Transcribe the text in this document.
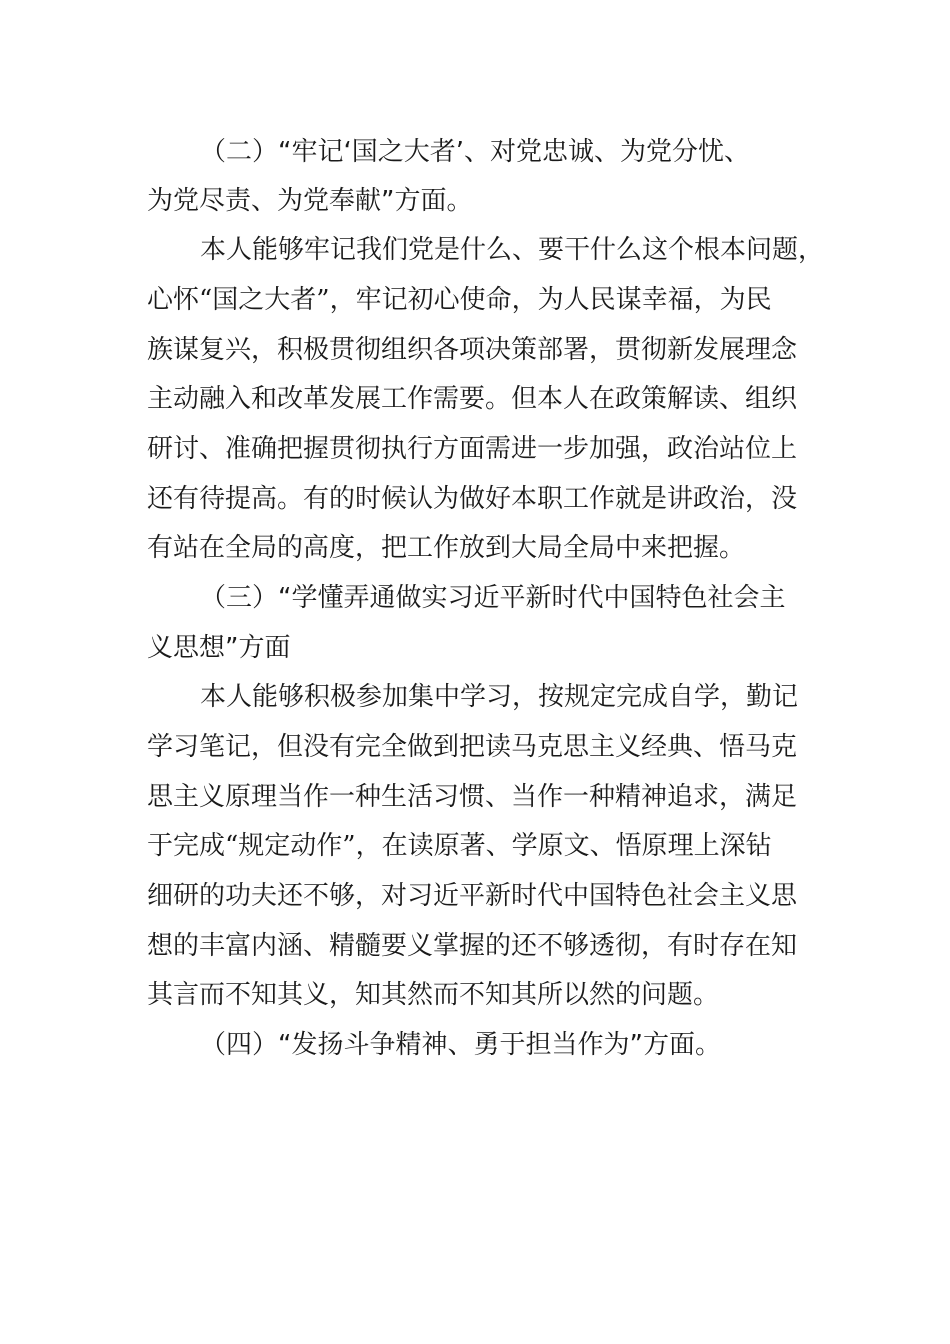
（二）“牢记‘国之大者’、对党忠诚、为党分忧、
为党尽责、为党奉献”方面。
本人能够牢记我们党是什么、要干什么这个根本问题，
心怀“国之大者”，牢记初心使命，为人民谋幸福，为民
族谋复兴，积极贯彻组织各项决策部署，贯彻新发展理念
主动融入和改革发展工作需要。但本人在政策解读、组织
研讨、准确把握贯彻执行方面需进一步加强，政治站位上
还有待提高。有的时候认为做好本职工作就是讲政治，没
有站在全局的高度，把工作放到大局全局中来把握。
（三）“学懂弄通做实习近平新时代中国特色社会主
义思想”方面
本人能够积极参加集中学习，按规定完成自学，勤记
学习笔记，但没有完全做到把读马克思主义经典、悟马克
思主义原理当作一种生活习惯、当作一种精神追求，满足
于完成“规定动作”，在读原著、学原文、悟原理上深钻
细研的功夫还不够，对习近平新时代中国特色社会主义思
想的丰富内涵、精髓要义掌握的还不够透彻，有时存在知
其言而不知其义，知其然而不知其所以然的问题。
（四）“发扬斗争精神、勇于担当作为”方面。
